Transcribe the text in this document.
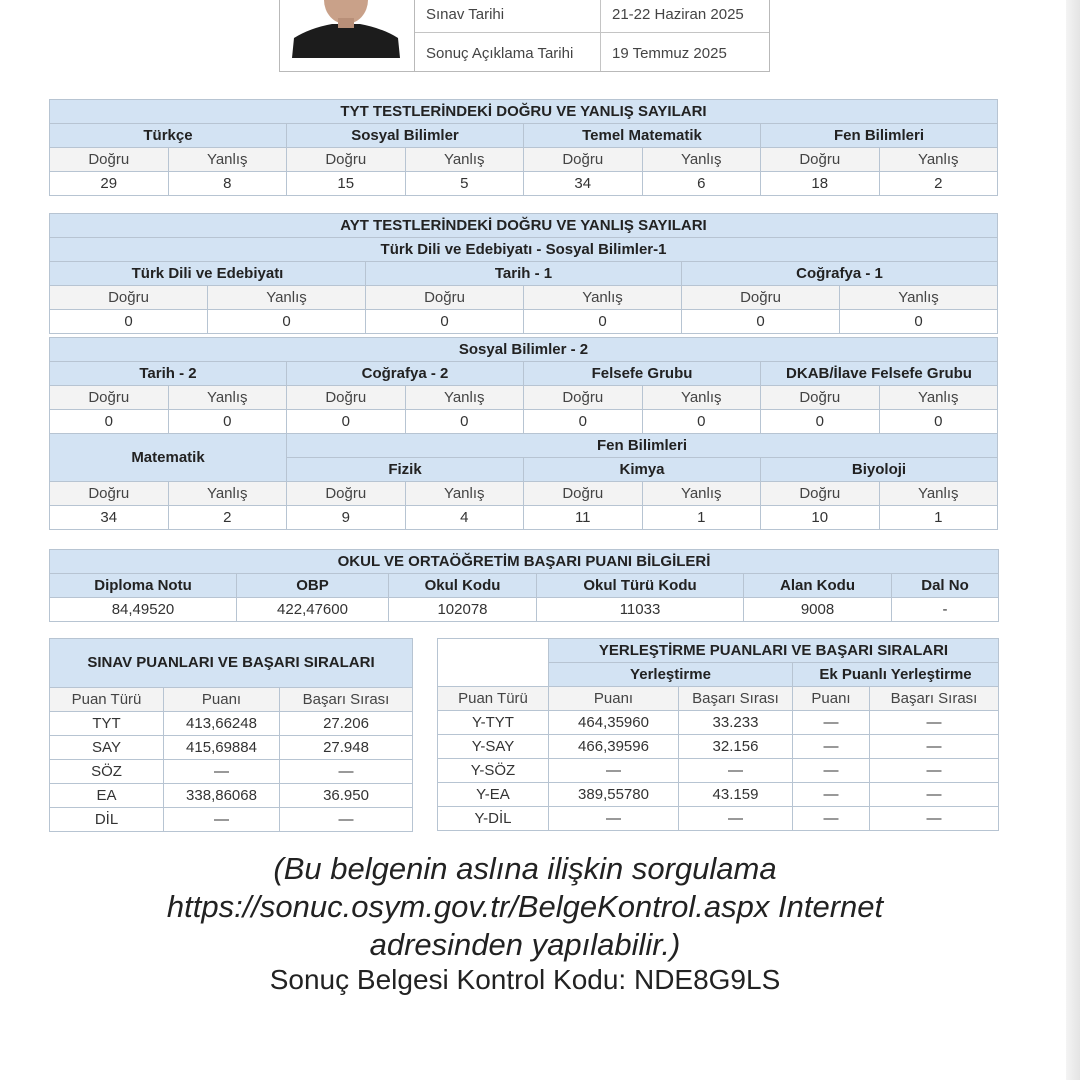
Sınav Tarihi	21-22 Haziran 2025
Sonuç Açıklama Tarihi	19 Temmuz 2025
TYT TESTLERİNDEKİ DOĞRU VE YANLIŞ SAYILARI							
Türkçe		Sosyal Bilimler		Temel Matematik		Fen Bilimleri	
Doğru	Yanlış	Doğru	Yanlış	Doğru	Yanlış	Doğru	Yanlış
29	8	15	5	34	6	18	2
AYT TESTLERİNDEKİ DOĞRU VE YANLIŞ SAYILARI					
Türk Dili ve Edebiyatı - Sosyal Bilimler-1					
Türk Dili ve Edebiyatı		Tarih - 1		Coğrafya - 1	
Doğru	Yanlış	Doğru	Yanlış	Doğru	Yanlış
0	0	0	0	0	0
Sosyal Bilimler - 2							
Tarih - 2		Coğrafya - 2		Felsefe Grubu		DKAB/İlave Felsefe Grubu	
Doğru	Yanlış	Doğru	Yanlış	Doğru	Yanlış	Doğru	Yanlış
0	0	0	0	0	0	0	0
Matematik		Fen Bilimleri					
		Fizik		Kimya		Biyoloji	
Doğru	Yanlış	Doğru	Yanlış	Doğru	Yanlış	Doğru	Yanlış
34	2	9	4	11	1	10	1
OKUL VE ORTAÖĞRETİM BAŞARI PUANI BİLGİLERİ					
Diploma Notu	OBP	Okul Kodu	Okul Türü Kodu	Alan Kodu	Dal No
84,49520	422,47600	102078	11033	9008	-
SINAV PUANLARI VE BAŞARI SIRALARI		
Puan Türü	Puanı	Başarı Sırası
TYT	413,66248	27.206
SAY	415,69884	27.948
SÖZ	—	—
EA	338,86068	36.950
DİL	—	—
	YERLEŞTİRME PUANLARI VE BAŞARI SIRALARI			
	Yerleştirme		Ek Puanlı Yerleştirme	
Puan Türü	Puanı	Başarı Sırası	Puanı	Başarı Sırası
Y-TYT	464,35960	33.233	—	—
Y-SAY	466,39596	32.156	—	—
Y-SÖZ	—	—	—	—
Y-EA	389,55780	43.159	—	—
Y-DİL	—	—	—	—
(Bu belgenin aslına ilişkin sorgulama
https://sonuc.osym.gov.tr/BelgeKontrol.aspx Internet
adresinden yapılabilir.)
Sonuç Belgesi Kontrol Kodu: NDE8G9LS
